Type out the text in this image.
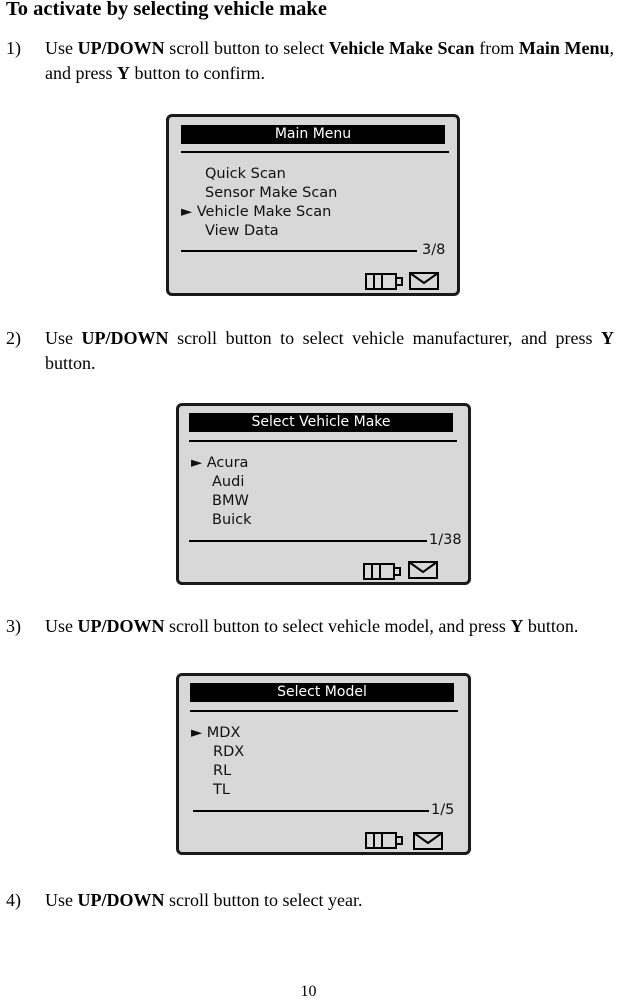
To activate by selecting vehicle make
1) Use UP/DOWN scroll button to select Vehicle Make Scan from Main Menu, and press Y button to confirm.
Main Menu
Quick Scan
Sensor Make Scan
► Vehicle Make Scan
View Data
3/8
2) Use UP/DOWN scroll button to select vehicle manufacturer, and press Y button.
Select Vehicle Make
► Acura
Audi
BMW
Buick
1/38
3) Use UP/DOWN scroll button to select vehicle model, and press Y button.
Select Model
► MDX
RDX
RL
TL
1/5
4) Use UP/DOWN scroll button to select year.
10
